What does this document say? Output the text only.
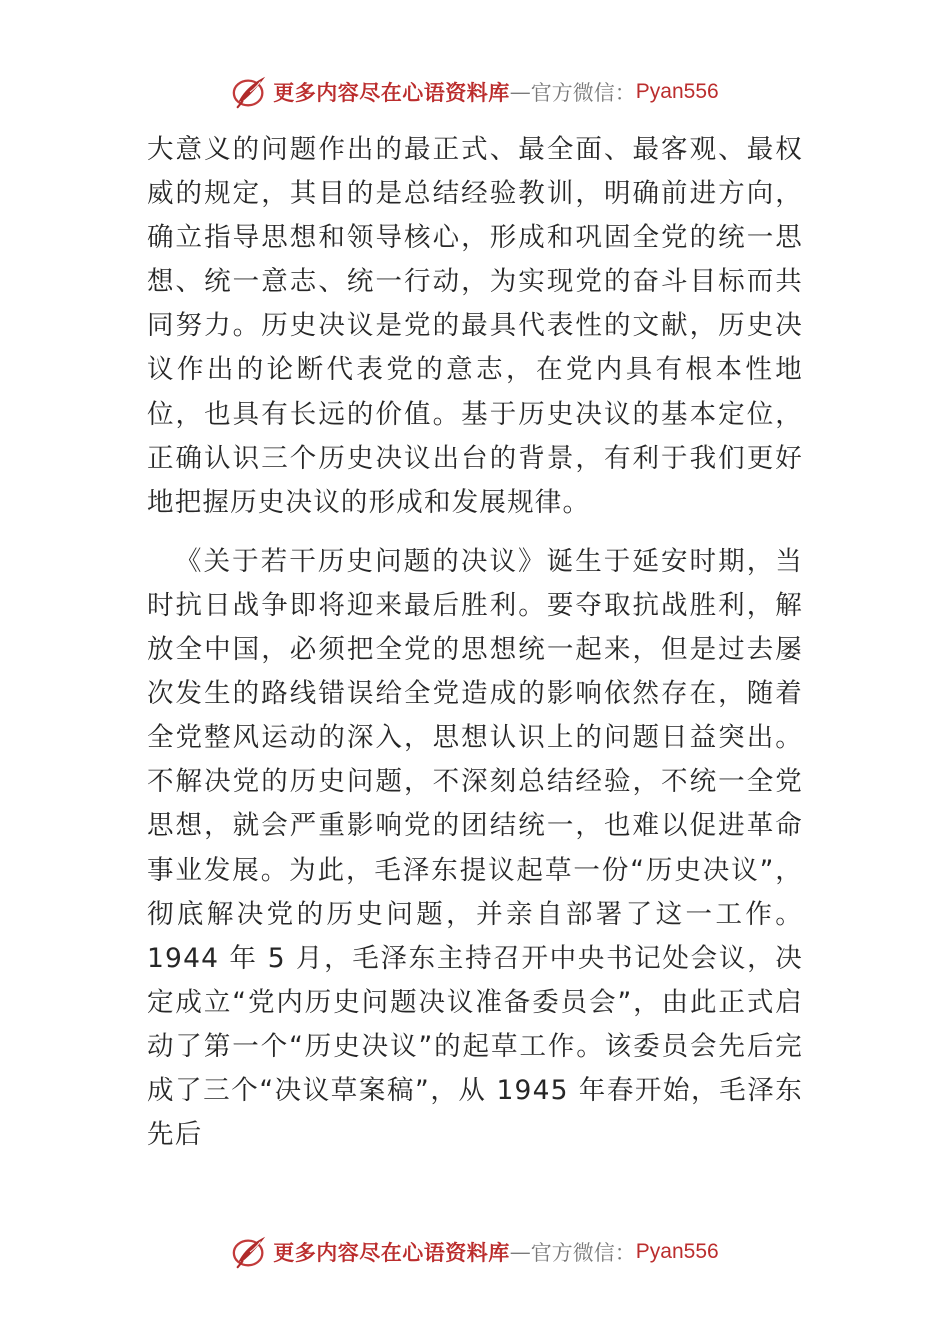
更多内容尽在心语资料库 — 官方微信： Pyan556

大意义的问题作出的最正式、最全面、最客观、最权威的规定，其目的是总结经验教训，明确前进方向，确立指导思想和领导核心，形成和巩固全党的统一思想、统一意志、统一行动，为实现党的奋斗目标而共同努力。历史决议是党的最具代表性的文献，历史决议作出的论断代表党的意志，在党内具有根本性地位，也具有长远的价值。基于历史决议的基本定位，正确认识三个历史决议出台的背景，有利于我们更好地把握历史决议的形成和发展规律。

《关于若干历史问题的决议》诞生于延安时期，当时抗日战争即将迎来最后胜利。要夺取抗战胜利，解放全中国，必须把全党的思想统一起来，但是过去屡次发生的路线错误给全党造成的影响依然存在，随着全党整风运动的深入，思想认识上的问题日益突出。不解决党的历史问题，不深刻总结经验，不统一全党思想，就会严重影响党的团结统一，也难以促进革命事业发展。为此，毛泽东提议起草一份“历史决议”，彻底解决党的历史问题，并亲自部署了这一工作。1944 年 5 月，毛泽东主持召开中央书记处会议，决定成立“党内历史问题决议准备委员会”，由此正式启动了第一个“历史决议”的起草工作。该委员会先后完成了三个“决议草案稿”，从 1945 年春开始，毛泽东先后

更多内容尽在心语资料库 — 官方微信： Pyan556
